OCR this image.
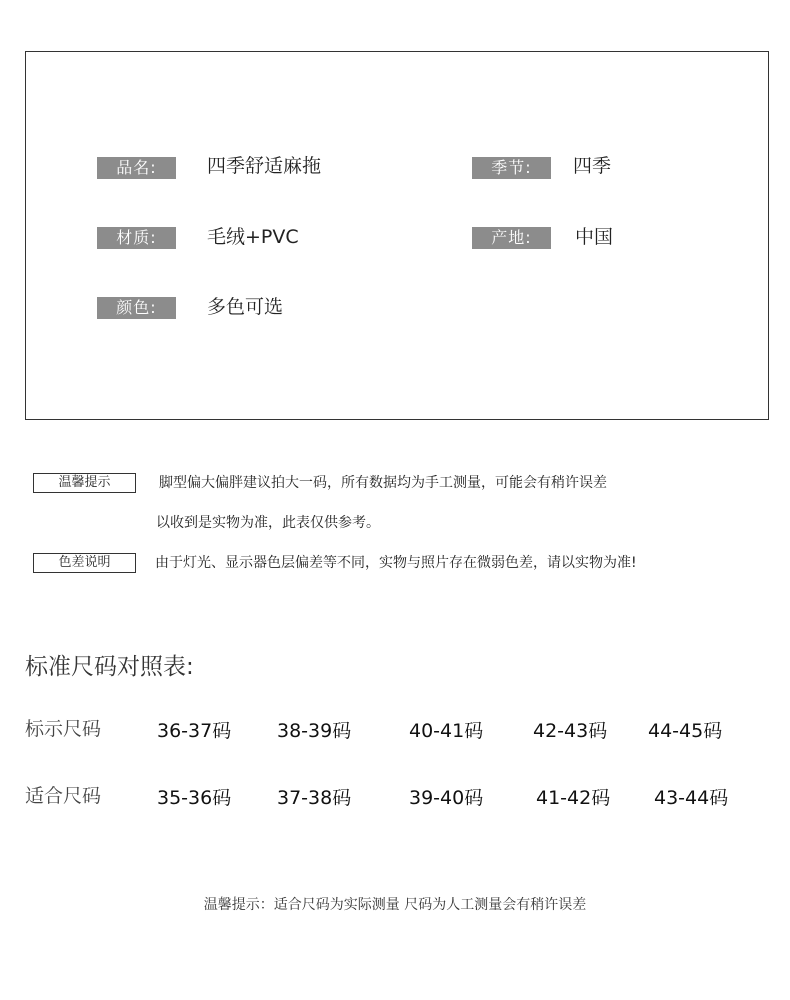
品名:	四季舒适麻拖	季节:	四季
材质:	毛绒+PVC	产地:	中国
颜色:	多色可选
温馨提示	脚型偏大偏胖建议拍大一码，所有数据均为手工测量，可能会有稍许误差
以收到是实物为准，此表仅供参考。
色差说明	由于灯光、显示器色层偏差等不同，实物与照片存在微弱色差，请以实物为准!
标准尺码对照表:
标示尺码	36-37码 38-39码	40-41码	42-43码 44-45码
适合尺码	35-36码 37-38码	39-40码	41-42码 43-44码
温馨提示：适合尺码为实际测量 尺码为人工测量会有稍许误差
